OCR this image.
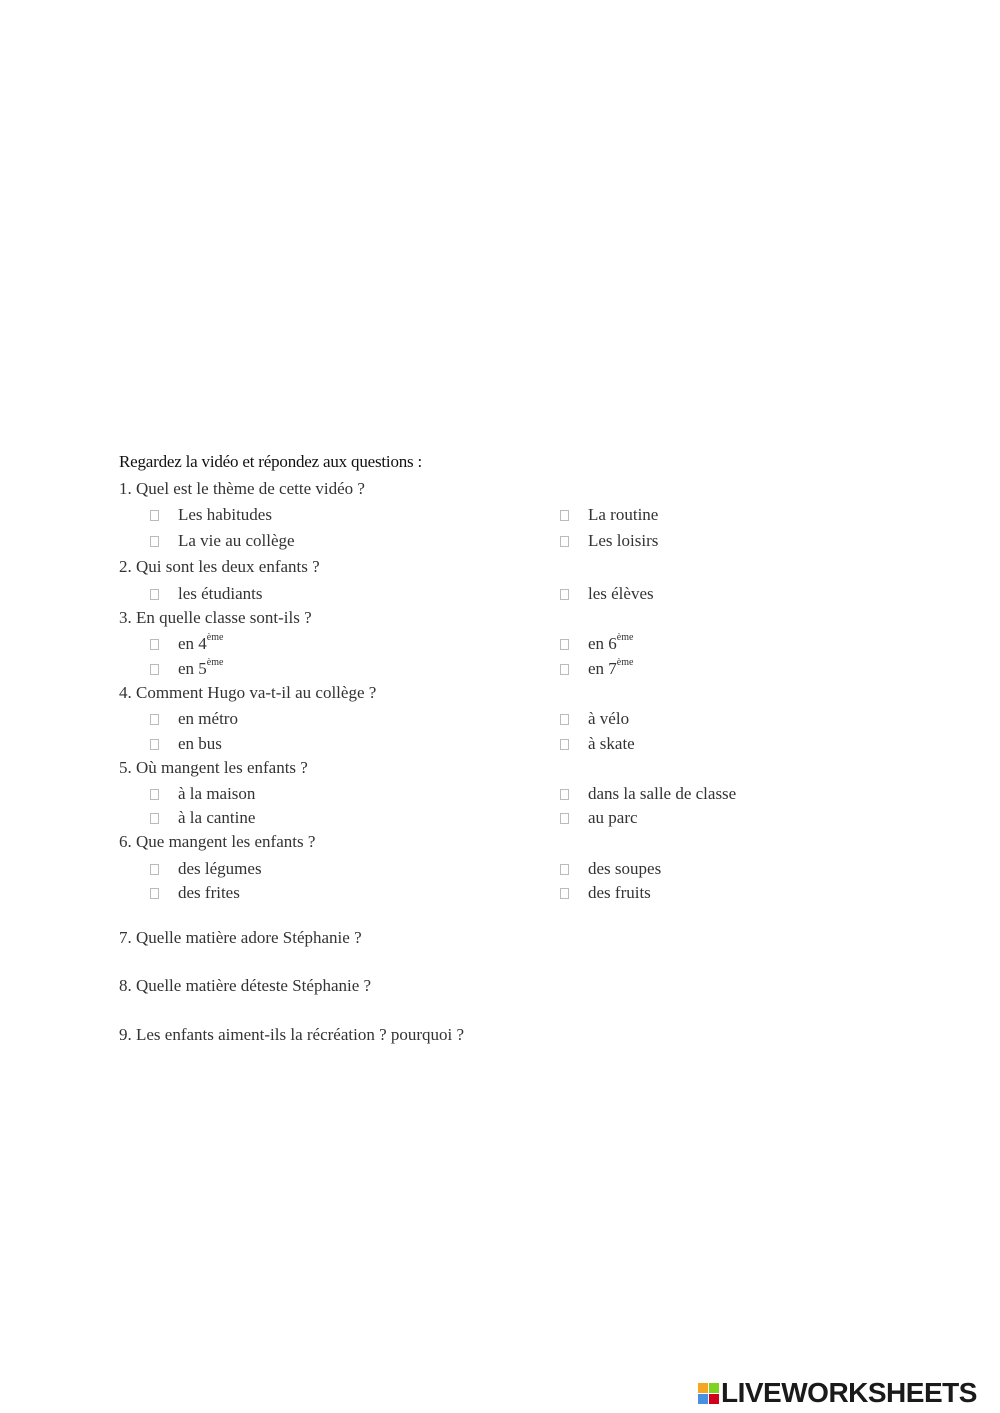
Regardez la vidéo et répondez aux questions :
1. Quel est le thème de cette vidéo ?
Les habitudes	La routine
La vie au collège	Les loisirs
2. Qui sont les deux enfants ?
les étudiants	les élèves
3. En quelle classe sont-ils ?
en 4ème	en 6ème
en 5ème	en 7ème
4. Comment Hugo va-t-il au collège ?
en métro	à vélo
en bus	à skate
5. Où mangent les enfants ?
à la maison	dans la salle de classe
à la cantine	au parc
6. Que mangent les enfants ?
des légumes	des soupes
des frites	des fruits
7. Quelle matière adore Stéphanie ?
8. Quelle matière déteste Stéphanie ?
9. Les enfants aiment-ils la récréation ? pourquoi ?
LIVEWORKSHEETS
